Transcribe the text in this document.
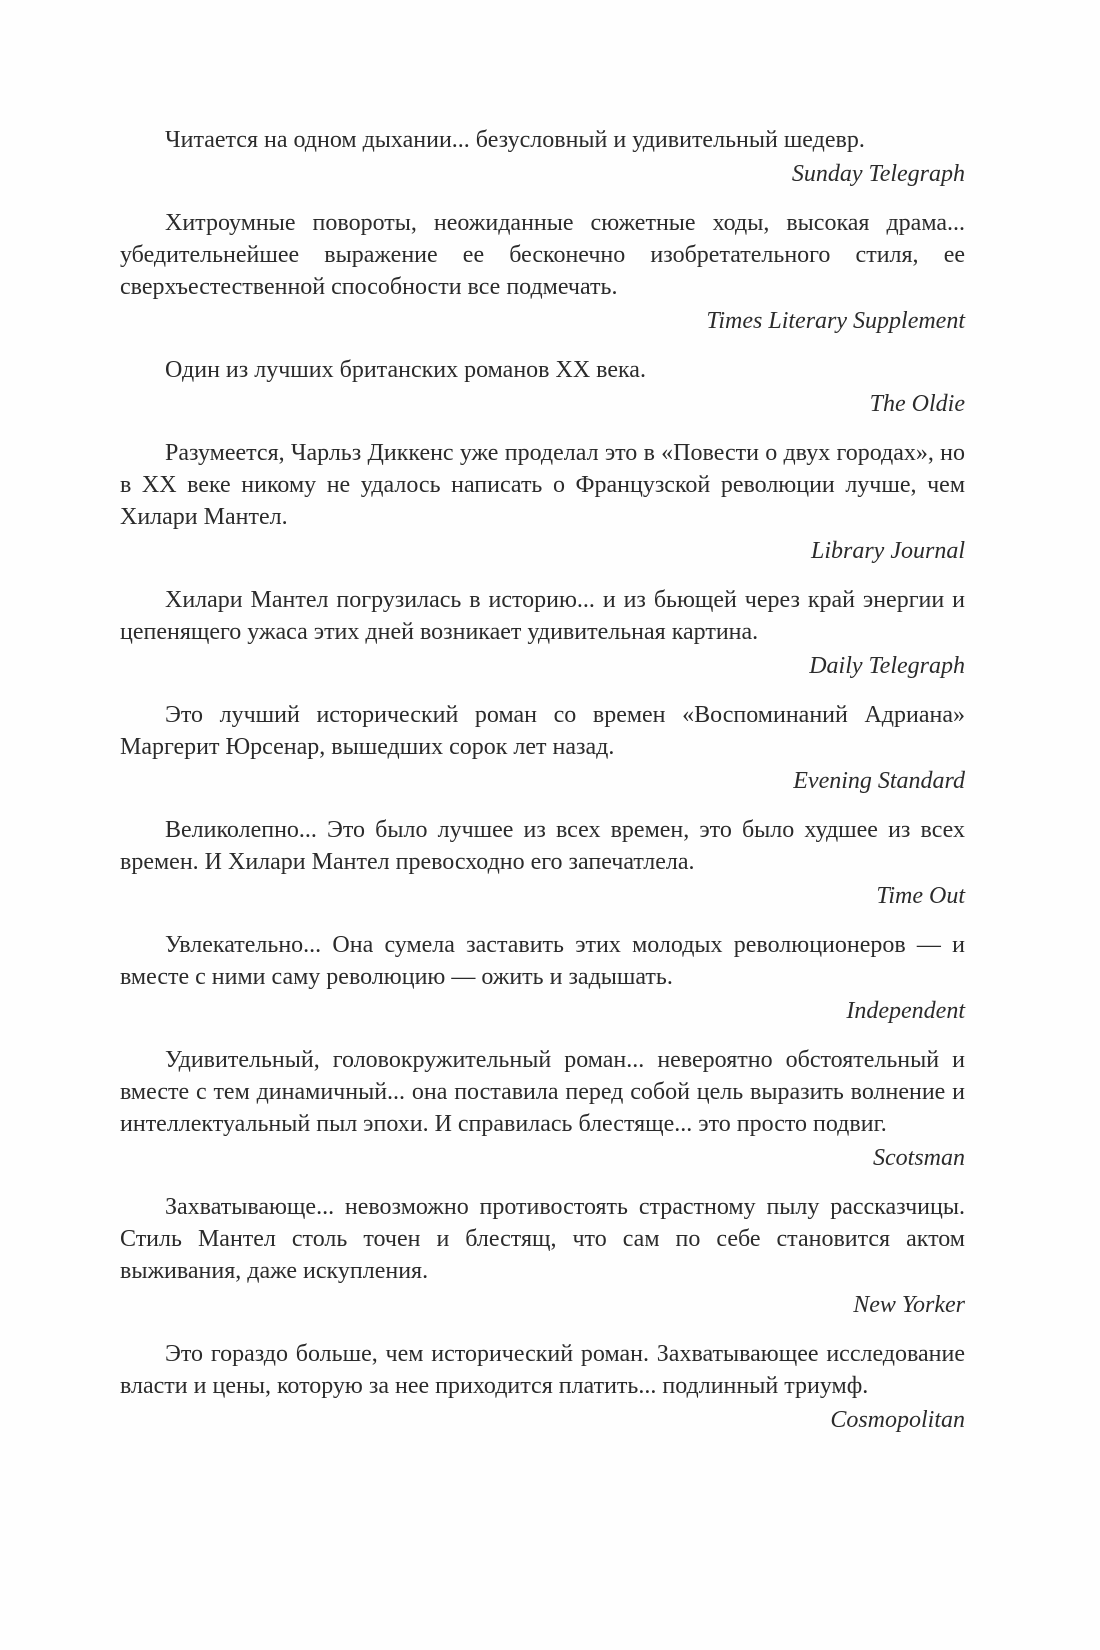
Читается на одном дыхании... безусловный и удивительный шедевр.

Sunday Telegraph

Хитроумные повороты, неожиданные сюжетные ходы, высокая драма... убедительнейшее выражение ее бесконечно изобретательного стиля, ее сверхъестественной способности все подмечать.

Times Literary Supplement

Один из лучших британских романов XX века.

The Oldie

Разумеется, Чарльз Диккенс уже проделал это в «Повести о двух городах», но в XX веке никому не удалось написать о Французской революции лучше, чем Хилари Мантел.

Library Journal

Хилари Мантел погрузилась в историю... и из бьющей через край энергии и цепенящего ужаса этих дней возникает удивительная картина.

Daily Telegraph

Это лучший исторический роман со времен «Воспоминаний Адриана» Маргерит Юрсенар, вышедших сорок лет назад.

Evening Standard

Великолепно... Это было лучшее из всех времен, это было худшее из всех времен. И Хилари Мантел превосходно его запечатлела.

Time Out

Увлекательно... Она сумела заставить этих молодых революционеров — и вместе с ними саму революцию — ожить и задышать.

Independent

Удивительный, головокружительный роман... невероятно обстоятельный и вместе с тем динамичный... она поставила перед собой цель выразить волнение и интеллектуальный пыл эпохи. И справилась блестяще... это просто подвиг.

Scotsman

Захватывающе... невозможно противостоять страстному пылу рассказчицы. Стиль Мантел столь точен и блестящ, что сам по себе становится актом выживания, даже искупления.

New Yorker

Это гораздо больше, чем исторический роман. Захватывающее исследование власти и цены, которую за нее приходится платить... подлинный триумф.

Cosmopolitan
